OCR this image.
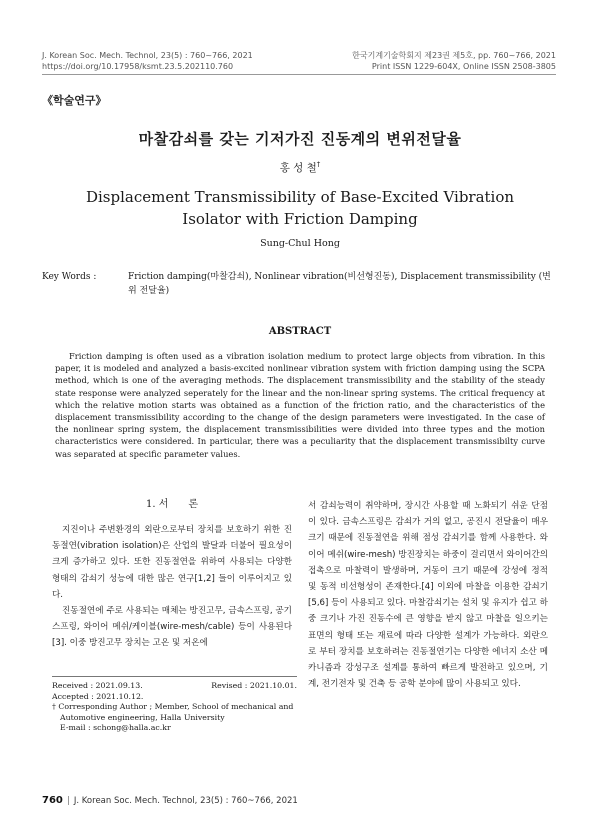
J. Korean Soc. Mech. Technol, 23(5) : 760~766, 2021
https://doi.org/10.17958/ksmt.23.5.202110.760
한국기계기술학회지 제23권 제5호, pp. 760~766, 2021
Print ISSN 1229-604X, Online ISSN 2508-3805
《학술연구》
마찰감쇠를 갖는 기저가진 진동계의 변위전달율
홍 성 철†
Displacement Transmissibility of Base-Excited Vibration
Isolator with Friction Damping
Sung-Chul Hong
Key Words :	Friction damping(마찰감쇠), Nonlinear vibration(비선형진동), Displacement transmissibility (변위 전달율)
ABSTRACT
Friction damping is often used as a vibration isolation medium to protect large objects from vibration. In this paper, it is modeled and analyzed a basis-excited nonlinear vibration system with friction damping using the SCPA method, which is one of the averaging methods. The displacement transmissibility and the stability of the steady state response were analyzed seperately for the linear and the non-linear spring systems. The critical frequency at which the relative motion starts was obtained as a function of the friction ratio, and the characteristics of the displacement transmissibility according to the change of the design parameters were investigated. In the case of the nonlinear spring system, the displacement transmissibilities were divided into three types and the motion characteristics were considered. In particular, there was a peculiarity that the displacement transmissibilty curve was separated at specific parameter values.
1. 서　　론

지진이나 주변환경의 외란으로부터 장치를 보호하기 위한 진동절연(vibration isolation)은 산업의 발달과 더불어 필요성이 크게 증가하고 있다. 또한 진동절연을 위하여 사용되는 다양한 형태의 감쇠기 성능에 대한 많은 연구[1,2] 들이 이루어지고 있다.

진동절연에 주로 사용되는 매체는 방진고무, 금속스프링, 공기스프링, 와이어 메쉬/케이블(wire-mesh/cable) 등이 사용된다[3]. 이중 방진고무 장치는 고온 및 저온에

서 감쇠능력이 취약하며, 장시간 사용할 때 노화되기 쉬운 단점이 있다. 금속스프링은 감쇠가 거의 없고, 공진시 전달율이 매우 크기 때문에 진동절연을 위해 점성 감쇠기를 함께 사용한다. 와이어 메쉬(wire-mesh) 방진장치는 하중이 걸리면서 와이어간의 접촉으로 마찰력이 발생하며, 거동이 크기 때문에 강성에 정적 및 동적 비선형성이 존재한다.[4] 이외에 마찰을 이용한 감쇠기[5,6] 등이 사용되고 있다. 마찰감쇠기는 설치 및 유지가 쉽고 하중 크기나 가진 진동수에 큰 영향을 받지 않고 마찰을 일으키는 표면의 형태 또는 재료에 따라 다양한 설계가 가능하다. 외란으로 부터 장치를 보호하려는 진동절연기는 다양한 에너지 소산 메카니즘과 강성구조 설계를 통하여 빠르게 발전하고 있으며, 기계, 전기전자 및 건축 등 공학 분야에 많이 사용되고 있다.

Received : 2021.09.13.	Revised : 2021.10.01.
Accepted : 2021.10.12.
† Corresponding Author ; Member, School of mechanical and
Automotive engineering, Halla University
E-mail : schong@halla.ac.kr
760 J. Korean Soc. Mech. Technol, 23(5) : 760~766, 2021
